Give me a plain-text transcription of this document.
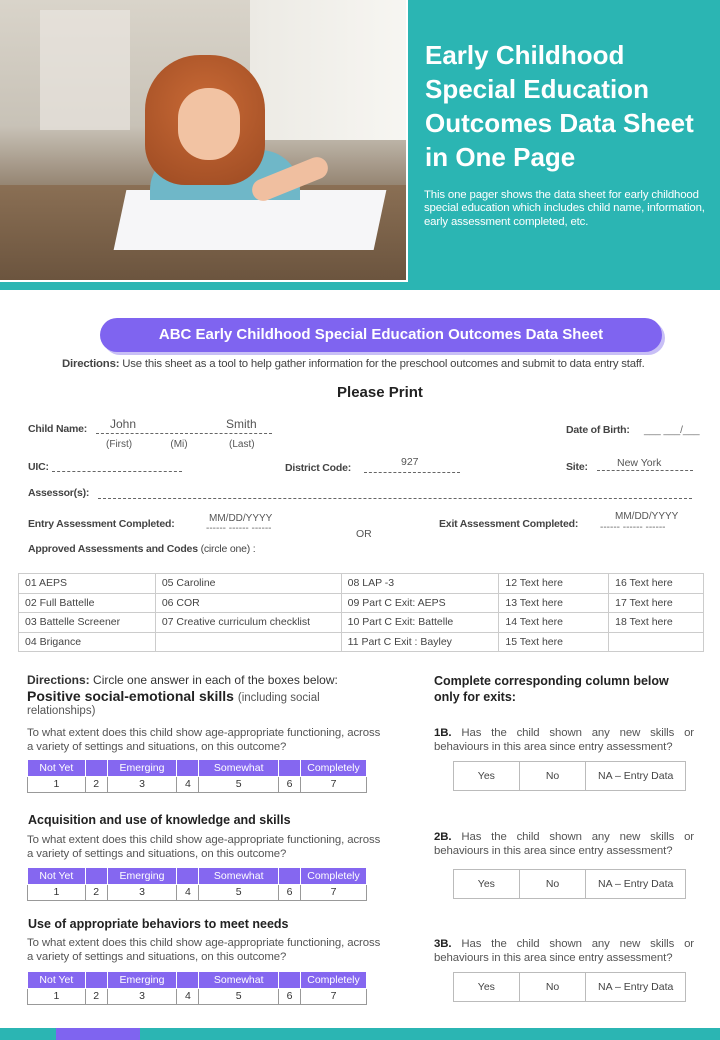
Early Childhood Special Education Outcomes Data Sheet in One Page
This one pager shows the data sheet for early childhood special education which includes child name, information, early assessment completed, etc.
ABC Early Childhood Special Education Outcomes Data Sheet
Directions: Use this sheet as a tool to help gather information for the preschool outcomes and submit to data entry staff.
Please Print
Child Name: John	Smith
(First)	(Mi)	(Last)
Date of Birth: ___ ___/___
UIC:	District Code:	927	Site:	New York
Assessor(s):
Entry Assessment Completed:	MM/DD/YYYY
------ ------ ------	OR
Exit Assessment Completed:
MM/DD/YYYY
------ ------ ------
Approved Assessments and Codes (circle one) :
01 AEPS	05 Caroline	08 LAP -3	12 Text here	16 Text here
02 Full Battelle	06 COR	09 Part C Exit: AEPS	13 Text here	17 Text here
03 Battelle Screener	07 Creative curriculum checklist	10 Part C Exit: Battelle	14 Text here	18 Text here
04 Brigance		11 Part C Exit : Bayley	15 Text here	
Directions: Circle one answer in each of the boxes below:
Positive social-emotional skills (including social
relationships)
To what extent does this child show age-appropriate functioning, across a variety of settings and situations, on this outcome?
Not Yet		Emerging		Somewhat		Completely
1	2	3	4	5	6	7
Acquisition and use of knowledge and skills
To what extent does this child show age-appropriate functioning, across a variety of settings and situations, on this outcome?
Not Yet		Emerging		Somewhat		Completely
1	2	3	4	5	6	7
Use of appropriate behaviors to meet needs
To what extent does this child show age-appropriate functioning, across a variety of settings and situations, on this outcome?
Not Yet		Emerging		Somewhat		Completely
1	2	3	4	5	6	7
Complete corresponding column below only for exits:
1B. Has the child shown any new skills or behaviours in this area since entry assessment?
Yes	No	NA – Entry Data
2B. Has the child shown any new skills or behaviours in this area since entry assessment?
Yes	No	NA – Entry Data
3B. Has the child shown any new skills or behaviours in this area since entry assessment?
Yes	No	NA – Entry Data
